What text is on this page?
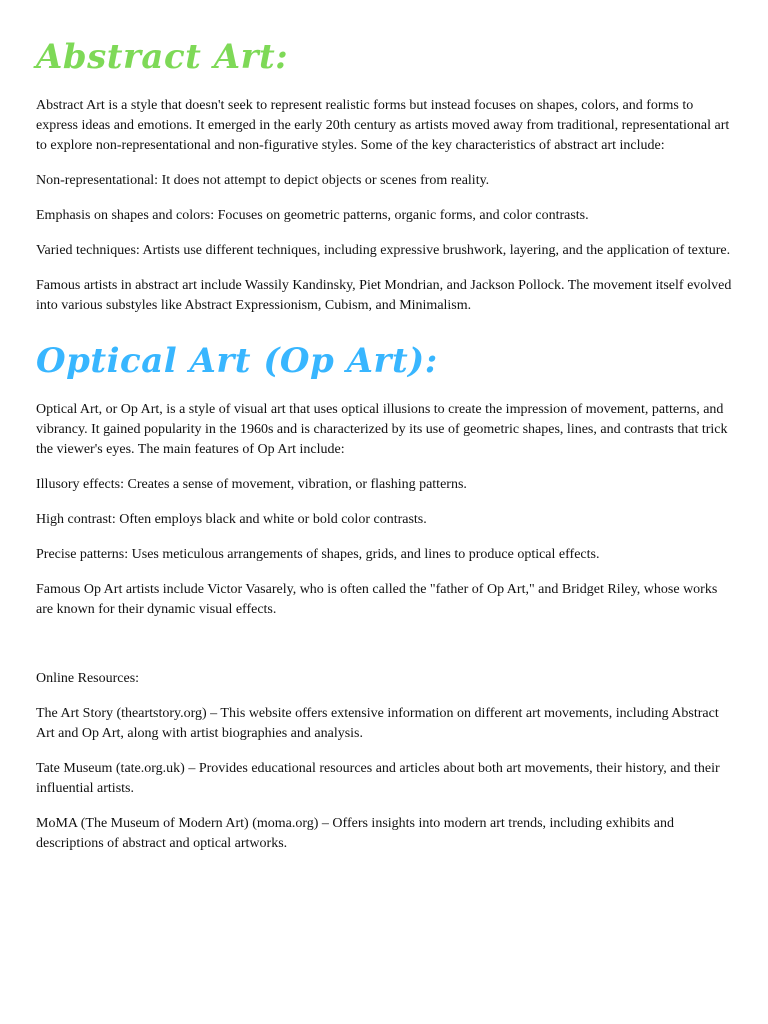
Abstract Art:

Abstract Art is a style that doesn't seek to represent realistic forms but instead focuses on shapes, colors, and forms to express ideas and emotions. It emerged in the early 20th century as artists moved away from traditional, representational art to explore non-representational and non-figurative styles. Some of the key characteristics of abstract art include:

Non-representational: It does not attempt to depict objects or scenes from reality.

Emphasis on shapes and colors: Focuses on geometric patterns, organic forms, and color contrasts.

Varied techniques: Artists use different techniques, including expressive brushwork, layering, and the application of texture.

Famous artists in abstract art include Wassily Kandinsky, Piet Mondrian, and Jackson Pollock. The movement itself evolved into various substyles like Abstract Expressionism, Cubism, and Minimalism.

Optical Art (Op Art):

Optical Art, or Op Art, is a style of visual art that uses optical illusions to create the impression of movement, patterns, and vibrancy. It gained popularity in the 1960s and is characterized by its use of geometric shapes, lines, and contrasts that trick the viewer's eyes. The main features of Op Art include:

Illusory effects: Creates a sense of movement, vibration, or flashing patterns.

High contrast: Often employs black and white or bold color contrasts.

Precise patterns: Uses meticulous arrangements of shapes, grids, and lines to produce optical effects.

Famous Op Art artists include Victor Vasarely, who is often called the "father of Op Art," and Bridget Riley, whose works are known for their dynamic visual effects.

Online Resources:

The Art Story (theartstory.org) – This website offers extensive information on different art movements, including Abstract Art and Op Art, along with artist biographies and analysis.

Tate Museum (tate.org.uk) – Provides educational resources and articles about both art movements, their history, and their influential artists.

MoMA (The Museum of Modern Art) (moma.org) – Offers insights into modern art trends, including exhibits and descriptions of abstract and optical artworks.
